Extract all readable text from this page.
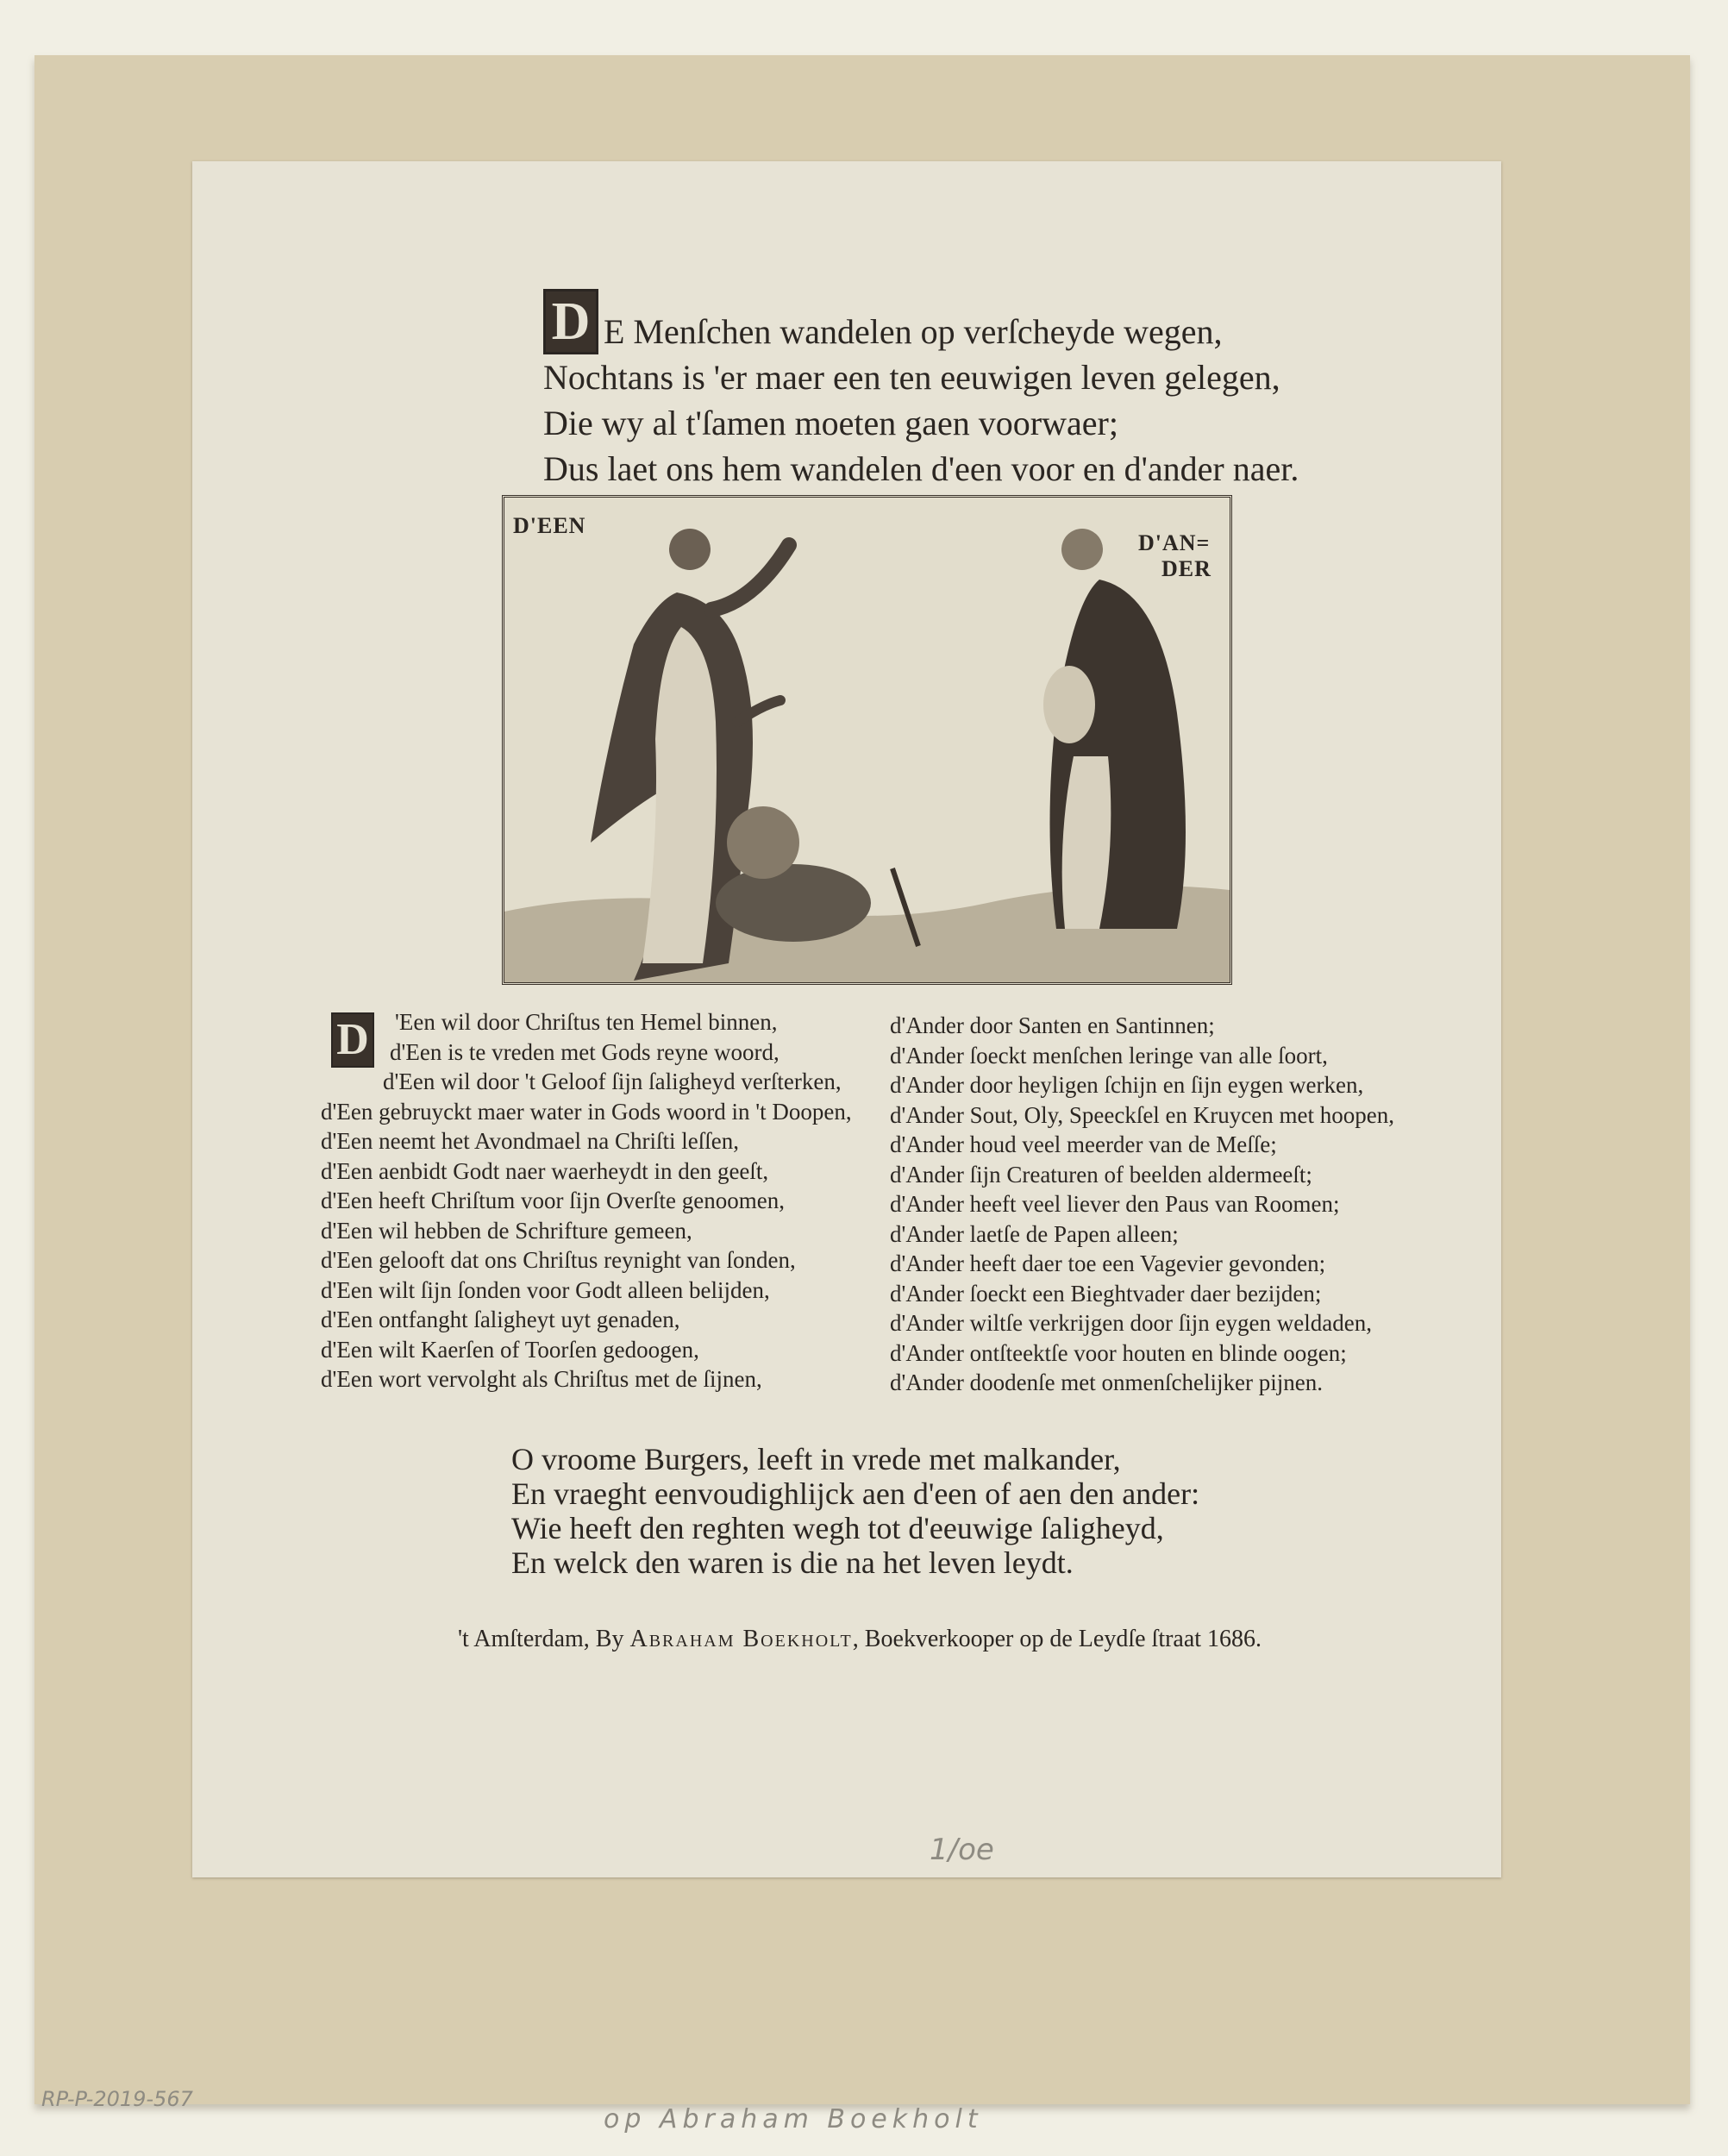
D E Menſchen wandelen op verſcheyde wegen,
Nochtans is 'er maer een ten eeuwigen leven gelegen,
Die wy al t'ſamen moeten gaen voorwaer;
Dus laet ons hem wandelen d'een voor en d'ander naer.
D'EEN
D'AN=
DER
D	'Een wil door Chriſtus ten Hemel binnen,
d'Een is te vreden met Gods reyne woord,
d'Een wil door 't Geloof ſijn ſaligheyd verſterken,
d'Een gebruyckt maer water in Gods woord in 't Doopen,
d'Een neemt het Avondmael na Chriſti leſſen,
d'Een aenbidt Godt naer waerheydt in den geeſt,
d'Een heeft Chriſtum voor ſijn Overſte genoomen,
d'Een wil hebben de Schrifture gemeen,
d'Een gelooft dat ons Chriſtus reynight van ſonden,
d'Een wilt ſijn ſonden voor Godt alleen belijden,
d'Een ontfanght ſaligheyt uyt genaden,
d'Een wilt Kaerſen of Toorſen gedoogen,
d'Een wort vervolght als Chriſtus met de ſijnen,
d'Ander door Santen en Santinnen;
d'Ander ſoeckt menſchen leringe van alle ſoort,
d'Ander door heyligen ſchijn en ſijn eygen werken,
d'Ander Sout, Oly, Speeckſel en Kruycen met hoopen,
d'Ander houd veel meerder van de Meſſe;
d'Ander ſijn Creaturen of beelden aldermeeſt;
d'Ander heeft veel liever den Paus van Roomen;
d'Ander laetſe de Papen alleen;
d'Ander heeft daer toe een Vagevier gevonden;
d'Ander ſoeckt een Bieghtvader daer bezijden;
d'Ander wiltſe verkrijgen door ſijn eygen weldaden,
d'Ander ontſteektſe voor houten en blinde oogen;
d'Ander doodenſe met onmenſchelijker pijnen.
O vroome Burgers, leeft in vrede met malkander,
En vraeght eenvoudighlijck aen d'een of aen den ander:
Wie heeft den reghten wegh tot d'eeuwige ſaligheyd,
En welck den waren is die na het leven leydt.
't Amſterdam, By Abraham Boekholt, Boekverkooper op de Leydſe ſtraat 1686.
1/oe
RP-P-2019-567
op Abraham Boekholt
